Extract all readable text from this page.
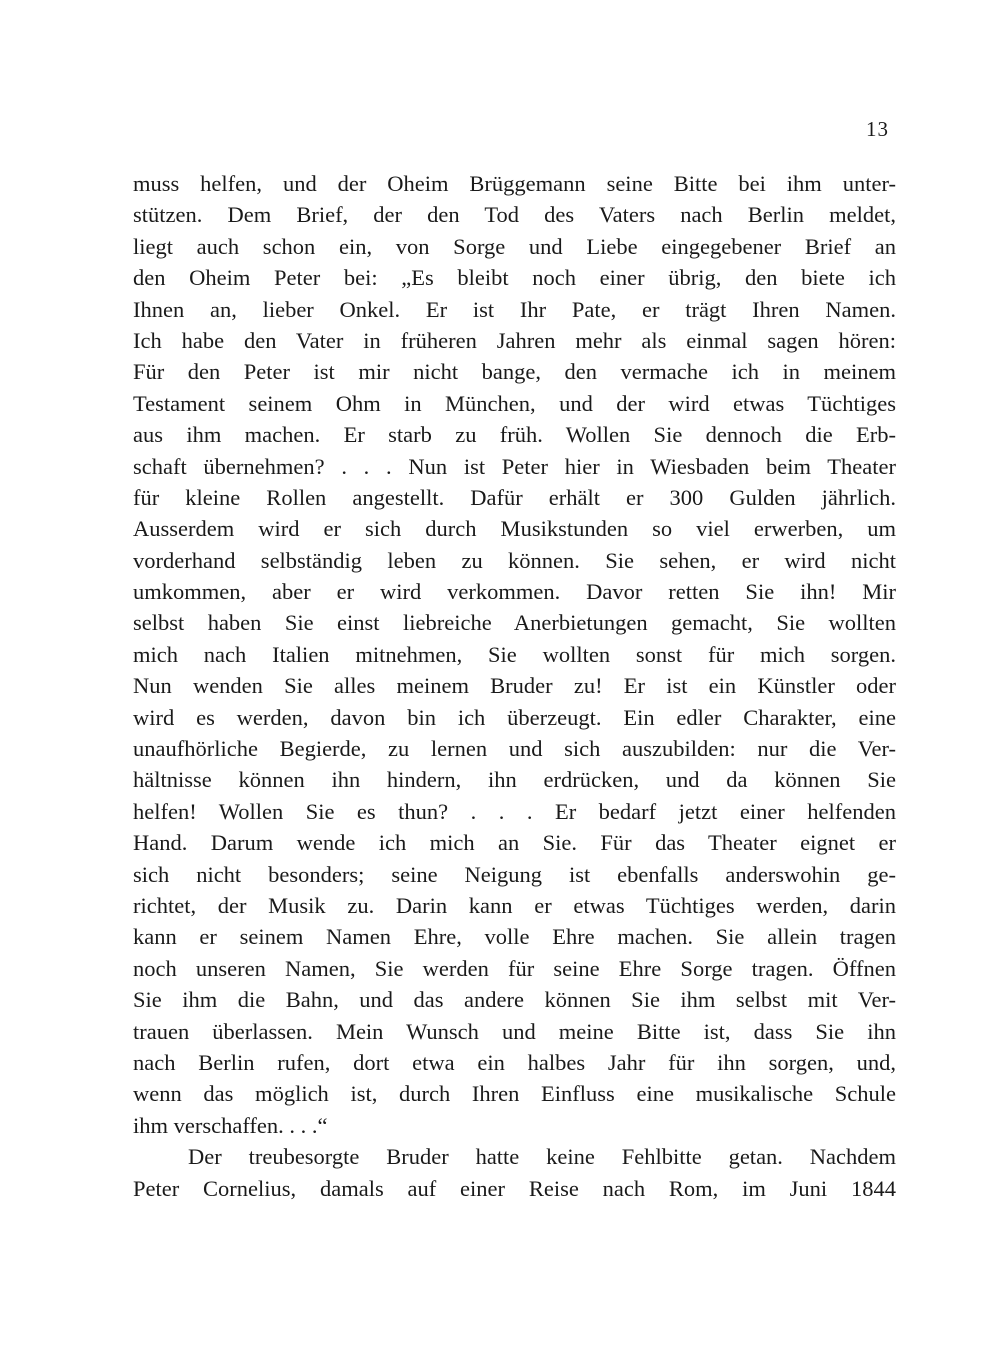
13
muss helfen, und der Oheim Brüggemann seine Bitte bei ihm unter-
stützen. Dem Brief, der den Tod des Vaters nach Berlin meldet,
liegt auch schon ein, von Sorge und Liebe eingegebener Brief an
den Oheim Peter bei: „Es bleibt noch einer übrig, den biete ich
Ihnen an, lieber Onkel. Er ist Ihr Pate, er trägt Ihren Namen.
Ich habe den Vater in früheren Jahren mehr als einmal sagen hören:
Für den Peter ist mir nicht bange, den vermache ich in meinem
Testament seinem Ohm in München, und der wird etwas Tüchtiges
aus ihm machen. Er starb zu früh. Wollen Sie dennoch die Erb-
schaft übernehmen? . . . Nun ist Peter hier in Wiesbaden beim Theater
für kleine Rollen angestellt. Dafür erhält er 300 Gulden jährlich.
Ausserdem wird er sich durch Musikstunden so viel erwerben, um
vorderhand selbständig leben zu können. Sie sehen, er wird nicht
umkommen, aber er wird verkommen. Davor retten Sie ihn! Mir
selbst haben Sie einst liebreiche Anerbietungen gemacht, Sie wollten
mich nach Italien mitnehmen, Sie wollten sonst für mich sorgen.
Nun wenden Sie alles meinem Bruder zu! Er ist ein Künstler oder
wird es werden, davon bin ich überzeugt. Ein edler Charakter, eine
unaufhörliche Begierde, zu lernen und sich auszubilden: nur die Ver-
hältnisse können ihn hindern, ihn erdrücken, und da können Sie
helfen! Wollen Sie es thun? . . . Er bedarf jetzt einer helfenden
Hand. Darum wende ich mich an Sie. Für das Theater eignet er
sich nicht besonders; seine Neigung ist ebenfalls anderswohin ge-
richtet, der Musik zu. Darin kann er etwas Tüchtiges werden, darin
kann er seinem Namen Ehre, volle Ehre machen. Sie allein tragen
noch unseren Namen, Sie werden für seine Ehre Sorge tragen. Öffnen
Sie ihm die Bahn, und das andere können Sie ihm selbst mit Ver-
trauen überlassen. Mein Wunsch und meine Bitte ist, dass Sie ihn
nach Berlin rufen, dort etwa ein halbes Jahr für ihn sorgen, und,
wenn das möglich ist, durch Ihren Einfluss eine musikalische Schule
ihm verschaffen. . . .“
Der treubesorgte Bruder hatte keine Fehlbitte getan. Nachdem
Peter Cornelius, damals auf einer Reise nach Rom, im Juni 1844
